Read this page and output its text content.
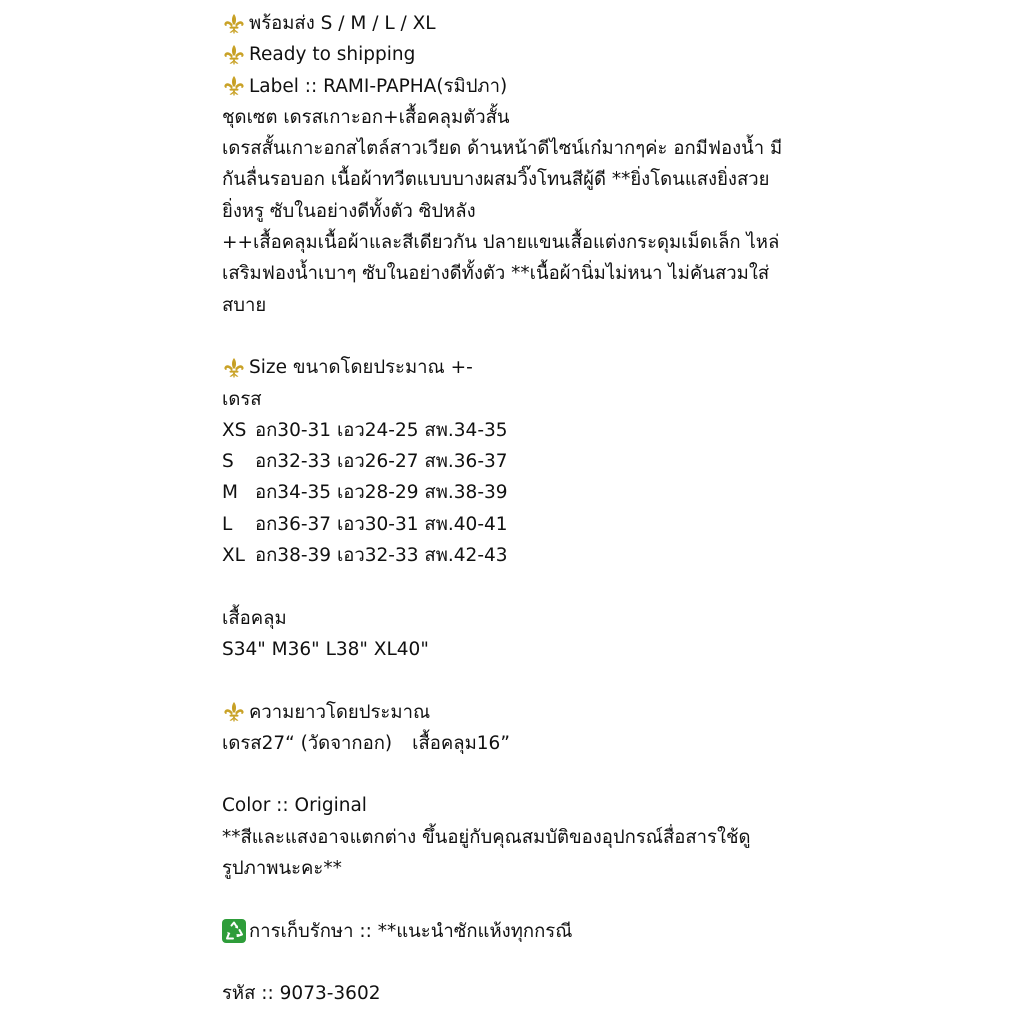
พร้อมส่ง S / M / L / XL
Ready to shipping
Label :: RAMI-PAPHA(รมิปภา)
ชุดเซต เดรสเกาะอก+เสื้อคลุมตัวสั้น
เดรสสั้นเกาะอกสไตล์สาวเวียด ด้านหน้าดีไซน์เก๋มากๆค่ะ อกมีฟองน้ำ มี
กันลื่นรอบอก เนื้อผ้าทวีตแบบบางผสมวิ๊งโทนสีผู้ดี **ยิ่งโดนแสงยิ่งสวย
ยิ่งหรู ซับในอย่างดีทั้งตัว ซิปหลัง
++เสื้อคลุมเนื้อผ้าและสีเดียวกัน ปลายแขนเสื้อแต่งกระดุมเม็ดเล็ก ไหล่
เสริมฟองน้ำเบาๆ ซับในอย่างดีทั้งตัว **เนื้อผ้านิ่มไม่หนา ไม่คันสวมใส่
สบาย
Size ขนาดโดยประมาณ +-
เดรส
XS อก30-31 เอว24-25 สพ.34-35
S	อก32-33 เอว26-27 สพ.36-37
M อก34-35 เอว28-29 สพ.38-39
L	อก36-37 เอว30-31 สพ.40-41
XL อก38-39 เอว32-33 สพ.42-43
เสื้อคลุม
S34" M36" L38" XL40"
ความยาวโดยประมาณ
เดรส27“ (วัดจากอก) เสื้อคลุม16”
Color :: Original
**สีและแสงอาจแตกต่าง ขึ้นอยู่กับคุณสมบัติของอุปกรณ์สื่อสารใช้ดู
รูปภาพนะคะ**
การเก็บรักษา :: **แนะนำซักแห้งทุกกรณี
รหัส :: 9073-3602
